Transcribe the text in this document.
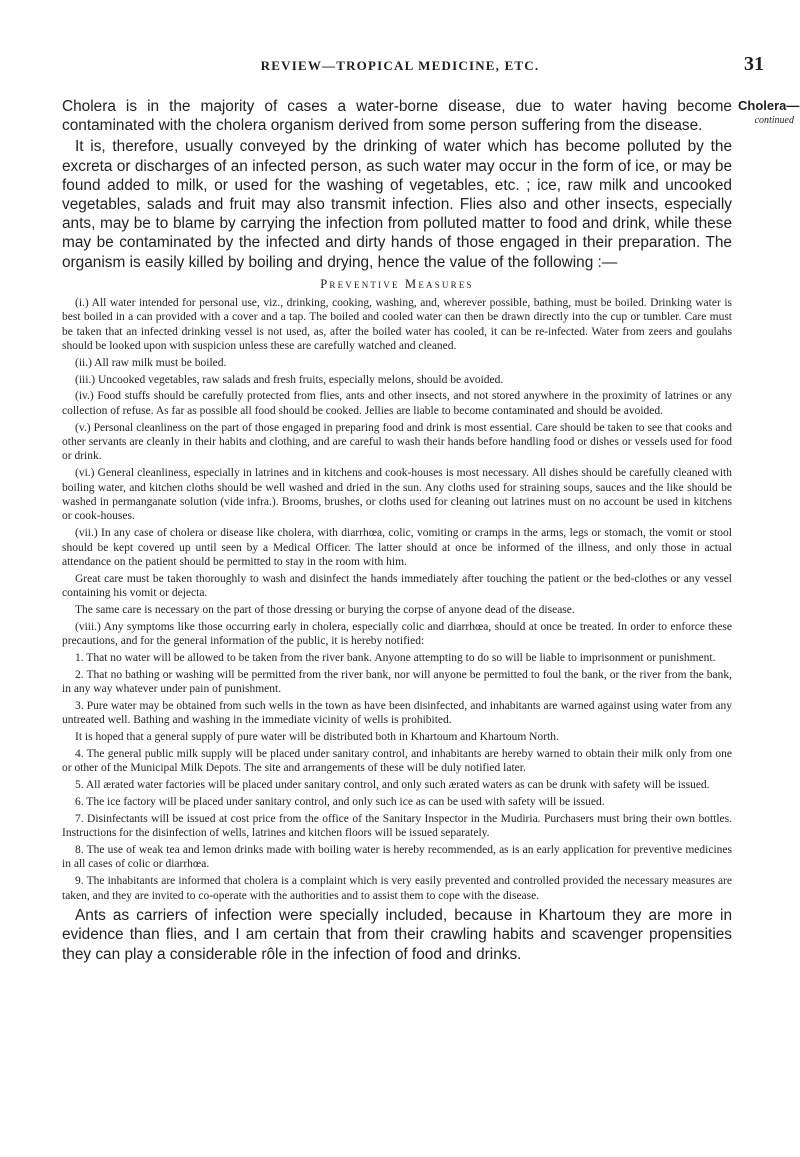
REVIEW—TROPICAL MEDICINE, ETC.	31
Cholera—
continued

Cholera is in the majority of cases a water-borne disease, due to water having become contaminated with the cholera organism derived from some person suffering from the disease.

It is, therefore, usually conveyed by the drinking of water which has become polluted by the excreta or discharges of an infected person, as such water may occur in the form of ice, or may be found added to milk, or used for the washing of vegetables, etc. ; ice, raw milk and uncooked vegetables, salads and fruit may also transmit infection. Flies also and other insects, especially ants, may be to blame by carrying the infection from polluted matter to food and drink, while these may be contaminated by the infected and dirty hands of those engaged in their preparation. The organism is easily killed by boiling and drying, hence the value of the following :—

Preventive Measures

(i.) All water intended for personal use, viz., drinking, cooking, washing, and, wherever possible, bathing, must be boiled. Drinking water is best boiled in a can provided with a cover and a tap. The boiled and cooled water can then be drawn directly into the cup or tumbler. Care must be taken that an infected drinking vessel is not used, as, after the boiled water has cooled, it can be re-infected. Water from zeers and goulahs should be looked upon with suspicion unless these are carefully watched and cleaned.

(ii.) All raw milk must be boiled.

(iii.) Uncooked vegetables, raw salads and fresh fruits, especially melons, should be avoided.

(iv.) Food stuffs should be carefully protected from flies, ants and other insects, and not stored anywhere in the proximity of latrines or any collection of refuse. As far as possible all food should be cooked. Jellies are liable to become contaminated and should be avoided.

(v.) Personal cleanliness on the part of those engaged in preparing food and drink is most essential. Care should be taken to see that cooks and other servants are cleanly in their habits and clothing, and are careful to wash their hands before handling food or dishes or vessels used for food or drink.

(vi.) General cleanliness, especially in latrines and in kitchens and cook-houses is most necessary. All dishes should be carefully cleaned with boiling water, and kitchen cloths should be well washed and dried in the sun. Any cloths used for straining soups, sauces and the like should be washed in permanganate solution (vide infra.). Brooms, brushes, or cloths used for cleaning out latrines must on no account be used in kitchens or cook-houses.

(vii.) In any case of cholera or disease like cholera, with diarrhœa, colic, vomiting or cramps in the arms, legs or stomach, the vomit or stool should be kept covered up until seen by a Medical Officer. The latter should at once be informed of the illness, and only those in actual attendance on the patient should be permitted to stay in the room with him.

Great care must be taken thoroughly to wash and disinfect the hands immediately after touching the patient or the bed-clothes or any vessel containing his vomit or dejecta.

The same care is necessary on the part of those dressing or burying the corpse of anyone dead of the disease.

(viii.) Any symptoms like those occurring early in cholera, especially colic and diarrhœa, should at once be treated. In order to enforce these precautions, and for the general information of the public, it is hereby notified:

1. That no water will be allowed to be taken from the river bank. Anyone attempting to do so will be liable to imprisonment or punishment.

2. That no bathing or washing will be permitted from the river bank, nor will anyone be permitted to foul the bank, or the river from the bank, in any way whatever under pain of punishment.

3. Pure water may be obtained from such wells in the town as have been disinfected, and inhabitants are warned against using water from any untreated well. Bathing and washing in the immediate vicinity of wells is prohibited.

It is hoped that a general supply of pure water will be distributed both in Khartoum and Khartoum North.

4. The general public milk supply will be placed under sanitary control, and inhabitants are hereby warned to obtain their milk only from one or other of the Municipal Milk Depots. The site and arrangements of these will be duly notified later.

5. All ærated water factories will be placed under sanitary control, and only such ærated waters as can be drunk with safety will be issued.

6. The ice factory will be placed under sanitary control, and only such ice as can be used with safety will be issued.

7. Disinfectants will be issued at cost price from the office of the Sanitary Inspector in the Mudiria. Purchasers must bring their own bottles. Instructions for the disinfection of wells, latrines and kitchen floors will be issued separately.

8. The use of weak tea and lemon drinks made with boiling water is hereby recommended, as is an early application for preventive medicines in all cases of colic or diarrhœa.

9. The inhabitants are informed that cholera is a complaint which is very easily prevented and controlled provided the necessary measures are taken, and they are invited to co-operate with the authorities and to assist them to cope with the disease.

Ants as carriers of infection were specially included, because in Khartoum they are more in evidence than flies, and I am certain that from their crawling habits and scavenger propensities they can play a considerable rôle in the infection of food and drinks.
